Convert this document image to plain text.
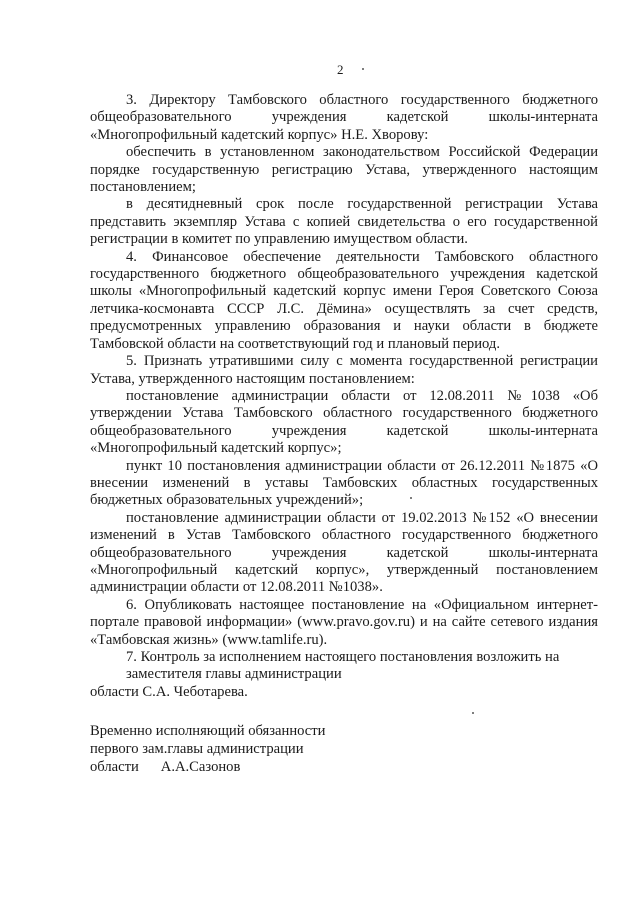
2

3. Директору Тамбовского областного государственного бюджетного общеобразовательного учреждения кадетской школы-интерната «Многопрофильный кадетский корпус» Н.Е. Хворову:

обеспечить в установленном законодательством Российской Федерации порядке государственную регистрацию Устава, утвержденного настоящим постановлением;

в десятидневный срок после государственной регистрации Устава представить экземпляр Устава с копией свидетельства о его государственной регистрации в комитет по управлению имуществом области.

4. Финансовое обеспечение деятельности Тамбовского областного государственного бюджетного общеобразовательного учреждения кадетской школы «Многопрофильный кадетский корпус имени Героя Советского Союза летчика-космонавта СССР Л.С. Дёмина» осуществлять за счет средств, предусмотренных управлению образования и науки области в бюджете Тамбовской области на соответствующий год и плановый период.

5. Признать утратившими силу с момента государственной регистрации Устава, утвержденного настоящим постановлением:

постановление администрации области от 12.08.2011 №1038 «Об утверждении Устава Тамбовского областного государственного бюджетного общеобразовательного учреждения кадетской школы-интерната «Многопрофильный кадетский корпус»;

пункт 10 постановления администрации области от 26.12.2011 №1875 «О внесении изменений в уставы Тамбовских областных государственных бюджетных образовательных учреждений»;

постановление администрации области от 19.02.2013 №152 «О внесении изменений в Устав Тамбовского областного государственного бюджетного общеобразовательного учреждения кадетской школы-интерната «Многопрофильный кадетский корпус», утвержденный постановлением администрации области от 12.08.2011 №1038».

6. Опубликовать настоящее постановление на «Официальном интернет-портале правовой информации» (www.pravo.gov.ru) и на сайте сетевого издания «Тамбовская жизнь» (www.tamlife.ru).

7. Контроль за исполнением настоящего постановления возложить на

заместителя главы администрации

области С.А. Чеботарева.

Временно исполняющий обязанности
первого зам.главы администрации
области А.А.Сазонов
